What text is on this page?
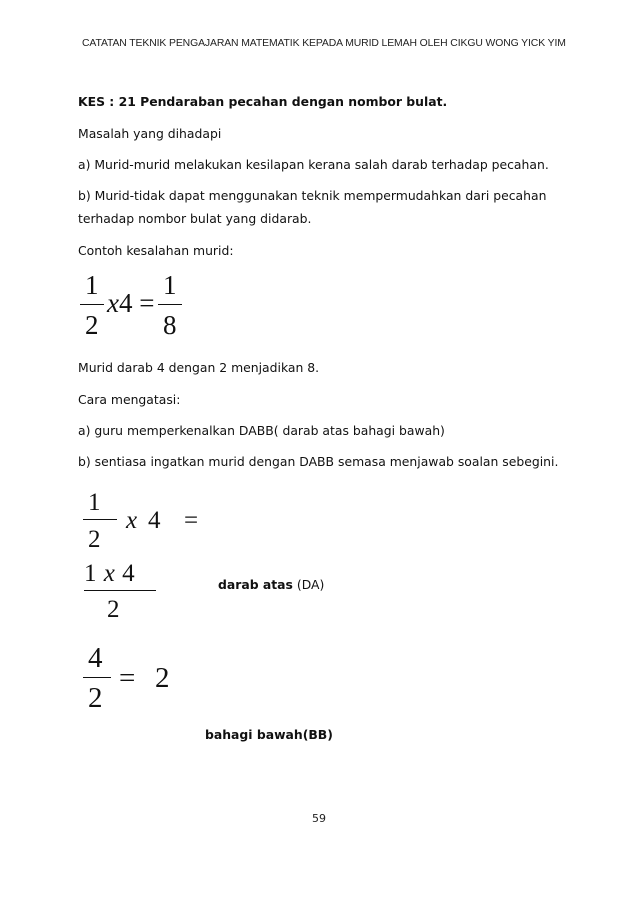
CATATAN TEKNIK PENGAJARAN MATEMATIK KEPADA MURID LEMAH OLEH CIKGU WONG YICK YIM
KES : 21 Pendaraban pecahan dengan nombor bulat.
Masalah yang dihadapi
a) Murid-murid melakukan kesilapan kerana salah darab terhadap pecahan.
b) Murid-tidak dapat menggunakan teknik mempermudahkan dari pecahan
terhadap nombor bulat yang didarab.
Contoh kesalahan murid:
1
2
x4 =
1
8
Murid darab 4 dengan 2 menjadikan 8.
Cara mengatasi:
a) guru memperkenalkan DABB( darab atas bahagi bawah)
b) sentiasa ingatkan murid dengan DABB semasa menjawab soalan sebegini.
1
2
x 4 =
1 x 4
2
darab atas (DA)
4
2
= 2
bahagi bawah(BB)
59
